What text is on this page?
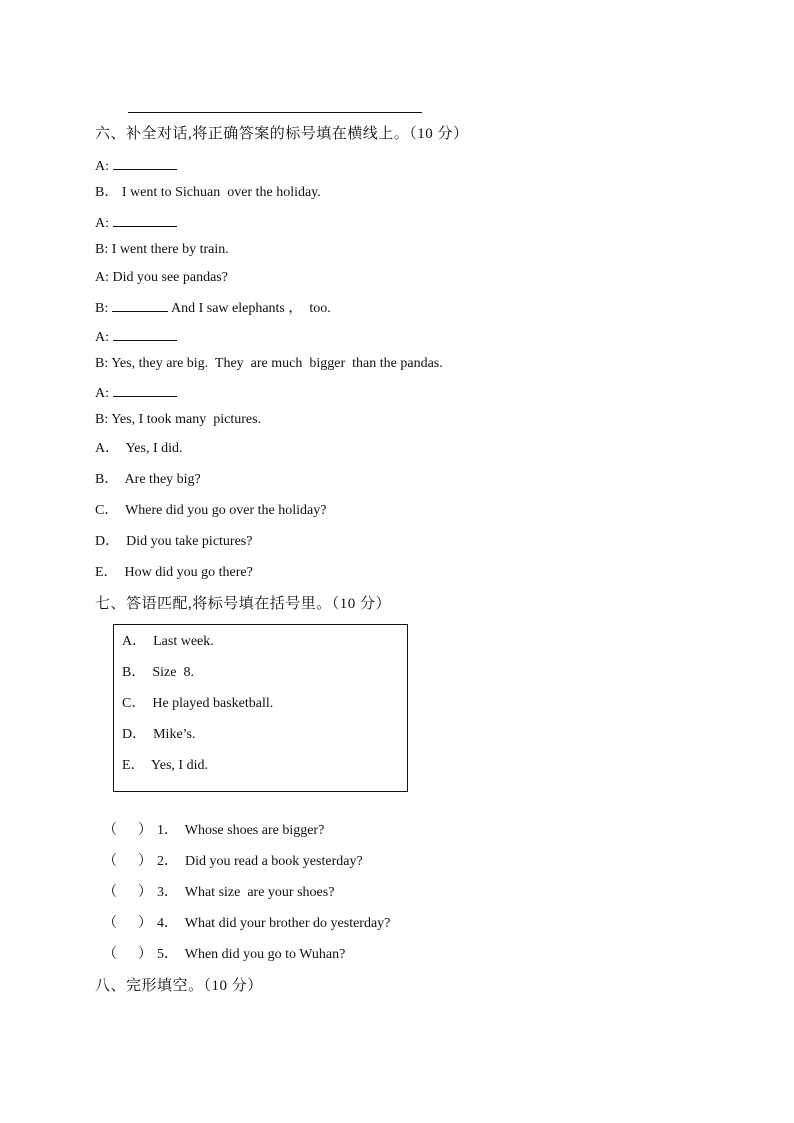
六、补全对话,将正确答案的标号填在横线上。（10 分）
A:
B． I went to Sichuan  over the holiday.
A:
B: I went there by train.
A: Did you see pandas?
B:	And I saw elephants ，  too.
A:
B: Yes, they are big.  They  are much  bigger  than the pandas.
A:
B: Yes, I took many  pictures.
A．  Yes, I did.
B．  Are they big?
C．  Where did you go over the holiday?
D．  Did you take pictures?
E．  How did you go there?
七、答语匹配,将标号填在括号里。（10 分）
A．  Last week.
B．  Size  8.
C．  He played basketball.
D．  Mike’s.
E．  Yes, I did.
（      ） 1．  Whose shoes are bigger?
（      ） 2．  Did you read a book yesterday?
（      ） 3．  What size  are your shoes?
（      ） 4．  What did your brother do yesterday?
（      ） 5．  When did you go to Wuhan?
八、完形填空。（10 分）
